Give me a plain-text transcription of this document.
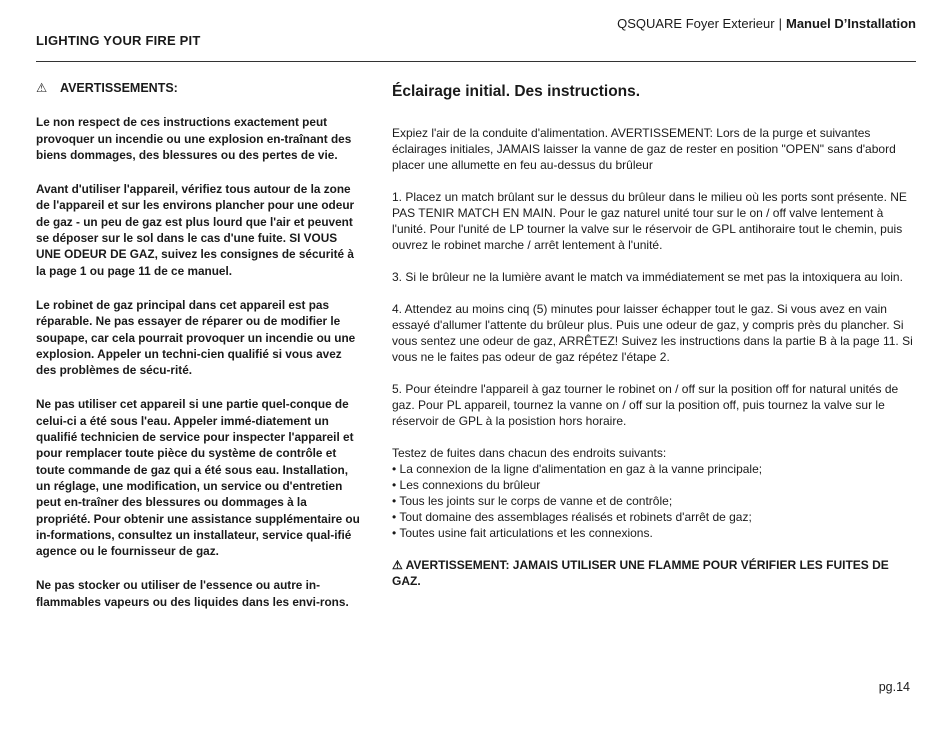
LIGHTING YOUR FIRE PIT
QSQUARE Foyer Exterieur | Manuel D’Installation
⚠ AVERTISSEMENTS:

Le non respect de ces instructions exactement peut provoquer un incendie ou une explosion en-traînant des biens dommages, des blessures ou des pertes de vie.

Avant d'utiliser l'appareil, vérifiez tous autour de la zone de l'appareil et sur les environs plancher pour une odeur de gaz - un peu de gaz est plus lourd que l'air et peuvent se déposer sur le sol dans le cas d'une fuite. SI VOUS UNE ODEUR DE GAZ, suivez les consignes de sécurité à la page 1 ou page 11 de ce manuel.

Le robinet de gaz principal dans cet appareil est pas réparable. Ne pas essayer de réparer ou de modifier le soupape, car cela pourrait provoquer un incendie ou une explosion. Appeler un techni-cien qualifié si vous avez des problèmes de sécu-rité.

Ne pas utiliser cet appareil si une partie quel-conque de celui-ci a été sous l'eau. Appeler immé-diatement un qualifié technicien de service pour inspecter l'appareil et pour remplacer toute pièce du système de contrôle et toute commande de gaz qui a été sous eau. Installation, un réglage, une modification, un service ou d'entretien peut en-traîner des blessures ou dommages à la propriété. Pour obtenir une assistance supplémentaire ou in-formations, consultez un installateur, service qual-ifié agence ou le fournisseur de gaz.

Ne pas stocker ou utiliser de l'essence ou autre in-flammables vapeurs ou des liquides dans les envi-rons.

Éclairage initial. Des instructions.

Expiez l'air de la conduite d'alimentation. AVERTISSEMENT: Lors de la purge et suivantes éclairages initiales, JAMAIS laisser la vanne de gaz de rester en position "OPEN" sans d'abord placer une allumette en feu au-dessus du brûleur

1. Placez un match brûlant sur le dessus du brûleur dans le milieu où les ports sont présente. NE PAS TENIR MATCH EN MAIN. Pour le gaz naturel unité tour sur le on / off valve lentement à l'unité. Pour l'unité de LP tourner la valve sur le réservoir de GPL antihoraire tout le chemin, puis ouvrez le robinet marche / arrêt lentement à l'unité.

3. Si le brûleur ne la lumière avant le match va immédiatement se met pas la intoxiquera au loin.

4. Attendez au moins cinq (5) minutes pour laisser échapper tout le gaz. Si vous avez en vain essayé d'allumer l'attente du brûleur plus. Puis une odeur de gaz, y compris près du plancher. Si vous sentez une odeur de gaz, ARRÊTEZ! Suivez les instructions dans la partie B à la page 11. Si vous ne le faites pas odeur de gaz répétez l'étape 2.

5. Pour éteindre l'appareil à gaz tourner le robinet on / off sur la position off for natural unités de gaz. Pour PL appareil, tournez la vanne on / off sur la position off, puis tournez la valve sur le réservoir de GPL à la posistion hors horaire.

Testez de fuites dans chacun des endroits suivants:
• La connexion de la ligne d'alimentation en gaz à la vanne principale;
• Les connexions du brûleur
• Tous les joints sur le corps de vanne et de contrôle;
• Tout domaine des assemblages réalisés et robinets d'arrêt de gaz;
• Toutes usine fait articulations et les connexions.
⚠ AVERTISSEMENT: JAMAIS UTILISER UNE FLAMME POUR VÉRIFIER LES FUITES DE GAZ.
pg.14
